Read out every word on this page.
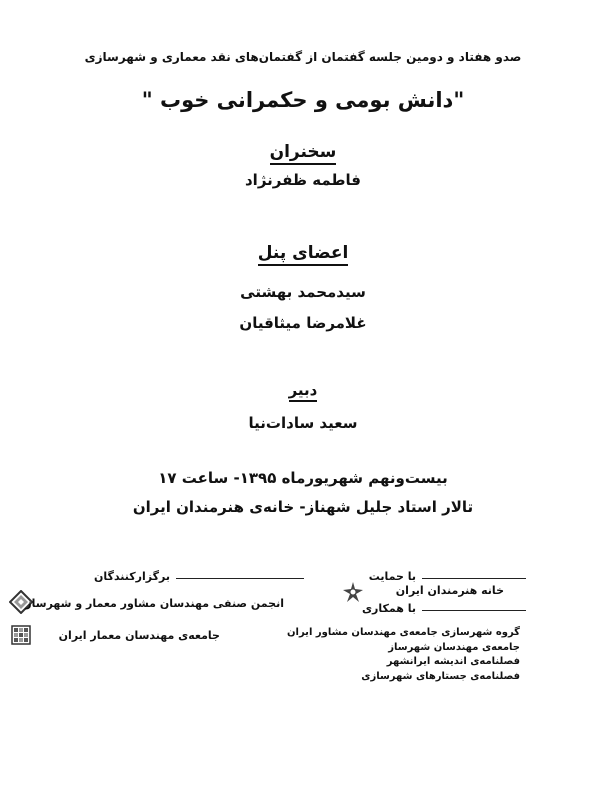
صدو هفتاد و دومین جلسه گفتمان از گفتمان‌های نقد معماری و شهرسازی
"دانش بومی و حکمرانی خوب "
سخنران
فاطمه ظفرنژاد
اعضای پنل
سیدمحمد بهشتی
غلامرضا میثاقیان
دبیر
سعید سادات‌نیا
بیست‌ونهم شهریورماه ۱۳۹۵- ساعت ۱۷
تالار استاد جلیل شهناز- خانه‌ی هنرمندان ایران
برگزارکنندگان
انجمن صنفی مهندسان مشاور معمار و شهرساز
جامعه‌ی مهندسان معمار ایران
با حمایت
خانه هنرمندان ایران
با همکاری
گروه شهرسازی جامعه‌ی مهندسان مشاور ایران
جامعه‌ی مهندسان شهرساز
فصلنامه‌ی اندیشه ایرانشهر
فصلنامه‌ی جستارهای شهرسازی
